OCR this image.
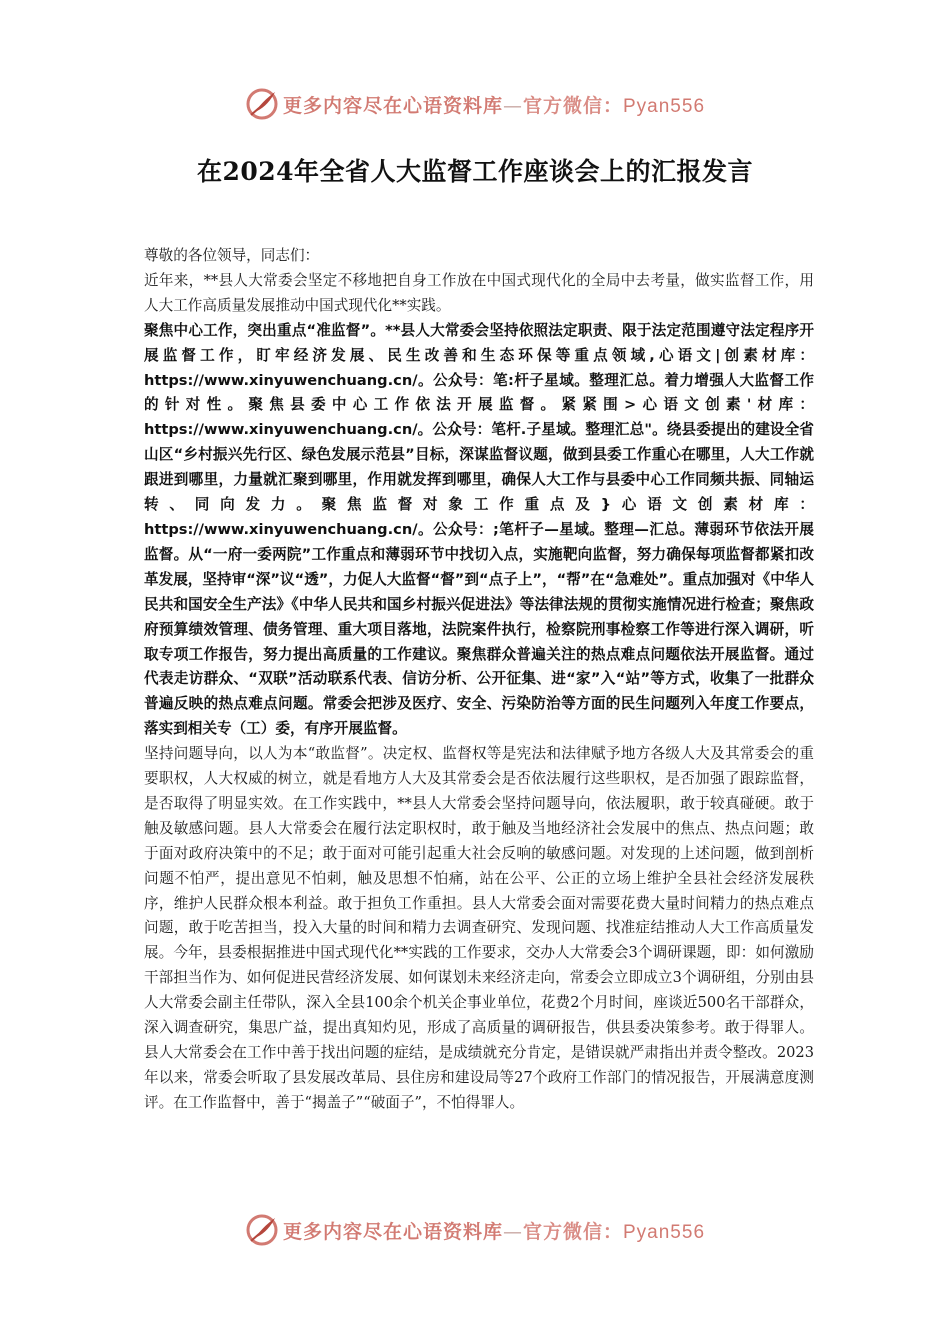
更多内容尽在心语资料库—官方微信：Pyan556
在2024年全省人大监督工作座谈会上的汇报发言

尊敬的各位领导，同志们：

近年来，**县人大常委会坚定不移地把自身工作放在中国式现代化的全局中去考量，做实监督工作，用人大工作高质量发展推动中国式现代化**实践。

聚焦中心工作，突出重点“准监督”。**县人大常委会坚持依照法定职责、限于法定范围遵守法定程序开展监督工作，盯牢经济发展、民生改善和生态环保等重点领域,心语文|创素材库：https://www.xinyuwenchuang.cn/。公众号：笔:杆子星域。整理汇总。着力增强人大监督工作的针对性。聚焦县委中心工作依法开展监督。紧紧围>心语文创素'材库：https://www.xinyuwenchuang.cn/。公众号：笔杆.子星域。整理汇总"。绕县委提出的建设全省山区“乡村振兴先行区、绿色发展示范县”目标，深谋监督议题，做到县委工作重心在哪里，人大工作就跟进到哪里，力量就汇聚到哪里，作用就发挥到哪里，确保人大工作与县委中心工作同频共振、同轴运转、同向发力。聚焦监督对象工作重点及}心语文创素材库：https://www.xinyuwenchuang.cn/。公众号：;笔杆子—星域。整理—汇总。薄弱环节依法开展监督。从“一府一委两院”工作重点和薄弱环节中找切入点，实施靶向监督，努力确保每项监督都紧扣改革发展，坚持审“深”议“透”，力促人大监督“督”到“点子上”，“帮”在“急难处”。重点加强对《中华人民共和国安全生产法》《中华人民共和国乡村振兴促进法》等法律法规的贯彻实施情况进行检查；聚焦政府预算绩效管理、债务管理、重大项目落地，法院案件执行，检察院刑事检察工作等进行深入调研，听取专项工作报告，努力提出高质量的工作建议。聚焦群众普遍关注的热点难点问题依法开展监督。通过代表走访群众、“双联”活动联系代表、信访分析、公开征集、进“家”入“站”等方式，收集了一批群众普遍反映的热点难点问题。常委会把涉及医疗、安全、污染防治等方面的民生问题列入年度工作要点，落实到相关专（工）委，有序开展监督。

坚持问题导向，以人为本“敢监督”。决定权、监督权等是宪法和法律赋予地方各级人大及其常委会的重要职权，人大权威的树立，就是看地方人大及其常委会是否依法履行这些职权，是否加强了跟踪监督，是否取得了明显实效。在工作实践中，**县人大常委会坚持问题导向，依法履职，敢于较真碰硬。敢于触及敏感问题。县人大常委会在履行法定职权时，敢于触及当地经济社会发展中的焦点、热点问题；敢于面对政府决策中的不足；敢于面对可能引起重大社会反响的敏感问题。对发现的上述问题，做到剖析问题不怕严，提出意见不怕刺，触及思想不怕痛，站在公平、公正的立场上维护全县社会经济发展秩序，维护人民群众根本利益。敢于担负工作重担。县人大常委会面对需要花费大量时间精力的热点难点问题，敢于吃苦担当，投入大量的时间和精力去调查研究、发现问题、找准症结推动人大工作高质量发展。今年，县委根据推进中国式现代化**实践的工作要求，交办人大常委会3个调研课题，即：如何激励干部担当作为、如何促进民营经济发展、如何谋划未来经济走向，常委会立即成立3个调研组，分别由县人大常委会副主任带队，深入全县100余个机关企事业单位，花费2个月时间，座谈近500名干部群众，深入调查研究，集思广益，提出真知灼见，形成了高质量的调研报告，供县委决策参考。敢于得罪人。县人大常委会在工作中善于找出问题的症结，是成绩就充分肯定，是错误就严肃指出并责令整改。2023年以来，常委会听取了县发展改革局、县住房和建设局等27个政府工作部门的情况报告，开展满意度测评。在工作监督中，善于“揭盖子”“破面子”，不怕得罪人。

更多内容尽在心语资料库—官方微信：Pyan556
